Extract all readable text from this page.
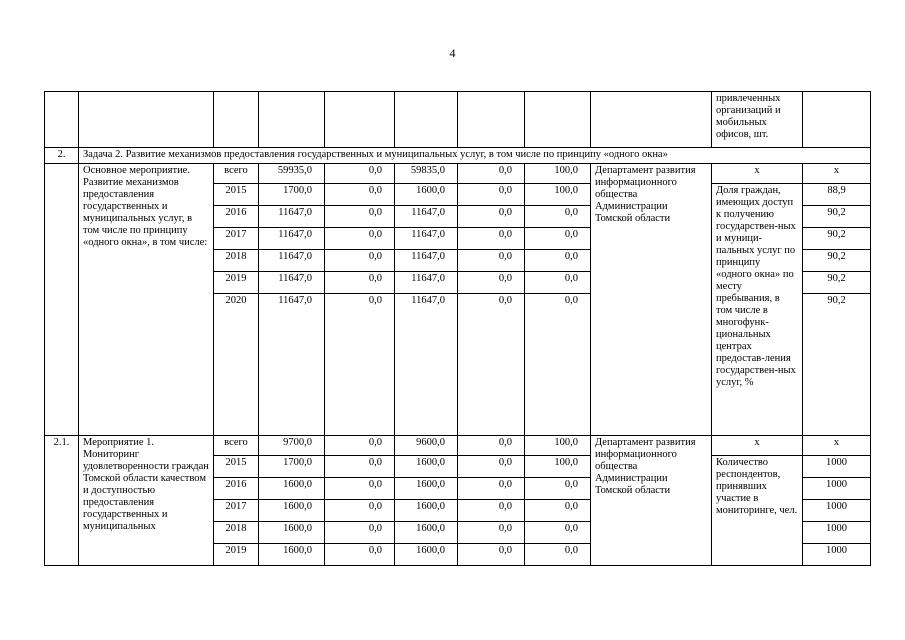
4
									привлеченных организаций и мобильных офисов, шт.	
2.	Задача 2. Развитие механизмов предоставления государственных и муниципальных услуг, в том числе по принципу «одного окна»									
	Основное мероприятие. Развитие механизмов предоставления государственных и муниципальных услуг, в том числе по принципу «одного окна», в том числе:	всего	59935,0	0,0	59835,0	0,0	100,0	Департамент развития информационного общества Администрации Томской области	x	x
		2015	1700,0	0,0	1600,0	0,0	100,0		Доля граждан, имеющих доступ к получению государствен-ных и муници-пальных услуг по принципу «одного окна» по месту пребывания, в том числе в многофунк-циональных центрах предостав-ления государствен-ных услуг, %	88,9
		2016	11647,0	0,0	11647,0	0,0	0,0			90,2
		2017	11647,0	0,0	11647,0	0,0	0,0			90,2
		2018	11647,0	0,0	11647,0	0,0	0,0			90,2
		2019	11647,0	0,0	11647,0	0,0	0,0			90,2
		2020	11647,0	0,0	11647,0	0,0	0,0			90,2
2.1.	Мероприятие 1. Мониторинг удовлетворенности граждан Томской области качеством и доступностью предоставления государственных и муниципальных	всего	9700,0	0,0	9600,0	0,0	100,0	Департамент развития информационного общества Администрации Томской области	x	x
		2015	1700,0	0,0	1600,0	0,0	100,0		Количество респондентов, принявших участие в мониторинге, чел.	1000
		2016	1600,0	0,0	1600,0	0,0	0,0			1000
		2017	1600,0	0,0	1600,0	0,0	0,0			1000
		2018	1600,0	0,0	1600,0	0,0	0,0			1000
		2019	1600,0	0,0	1600,0	0,0	0,0			1000
